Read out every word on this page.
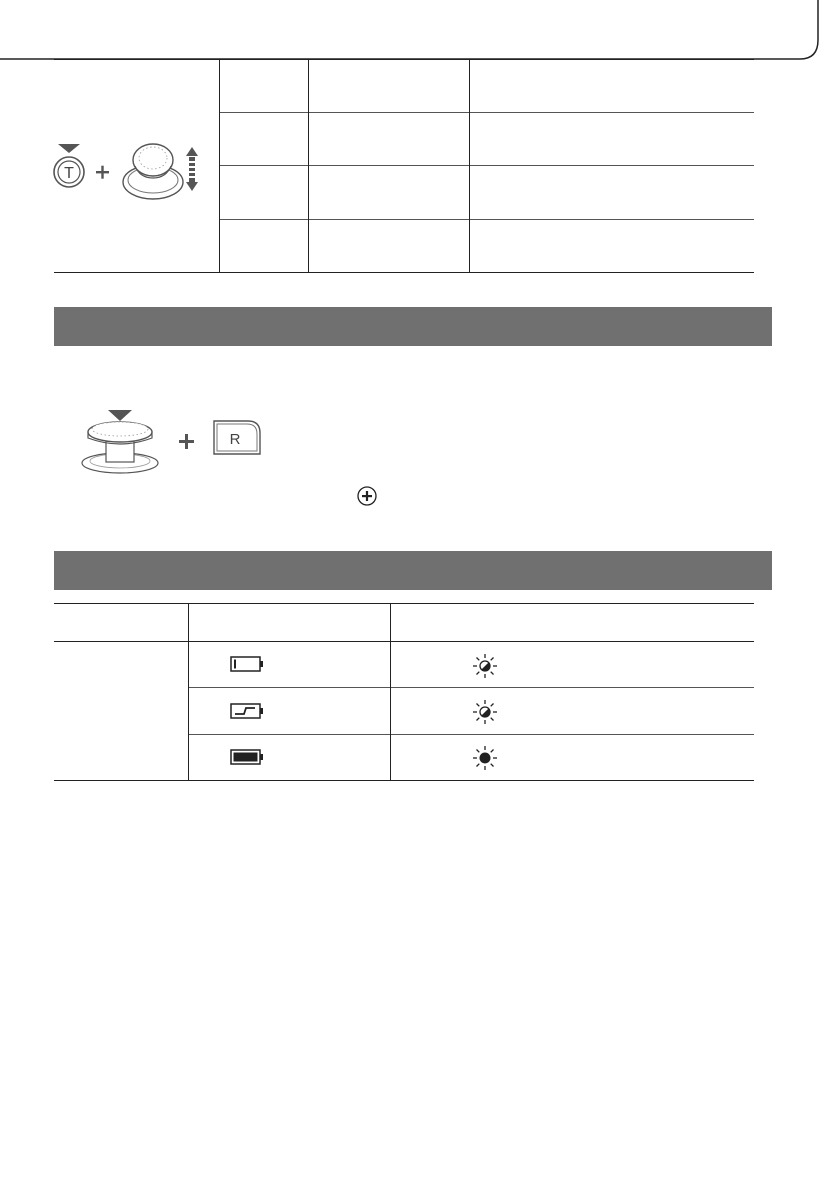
T
R
